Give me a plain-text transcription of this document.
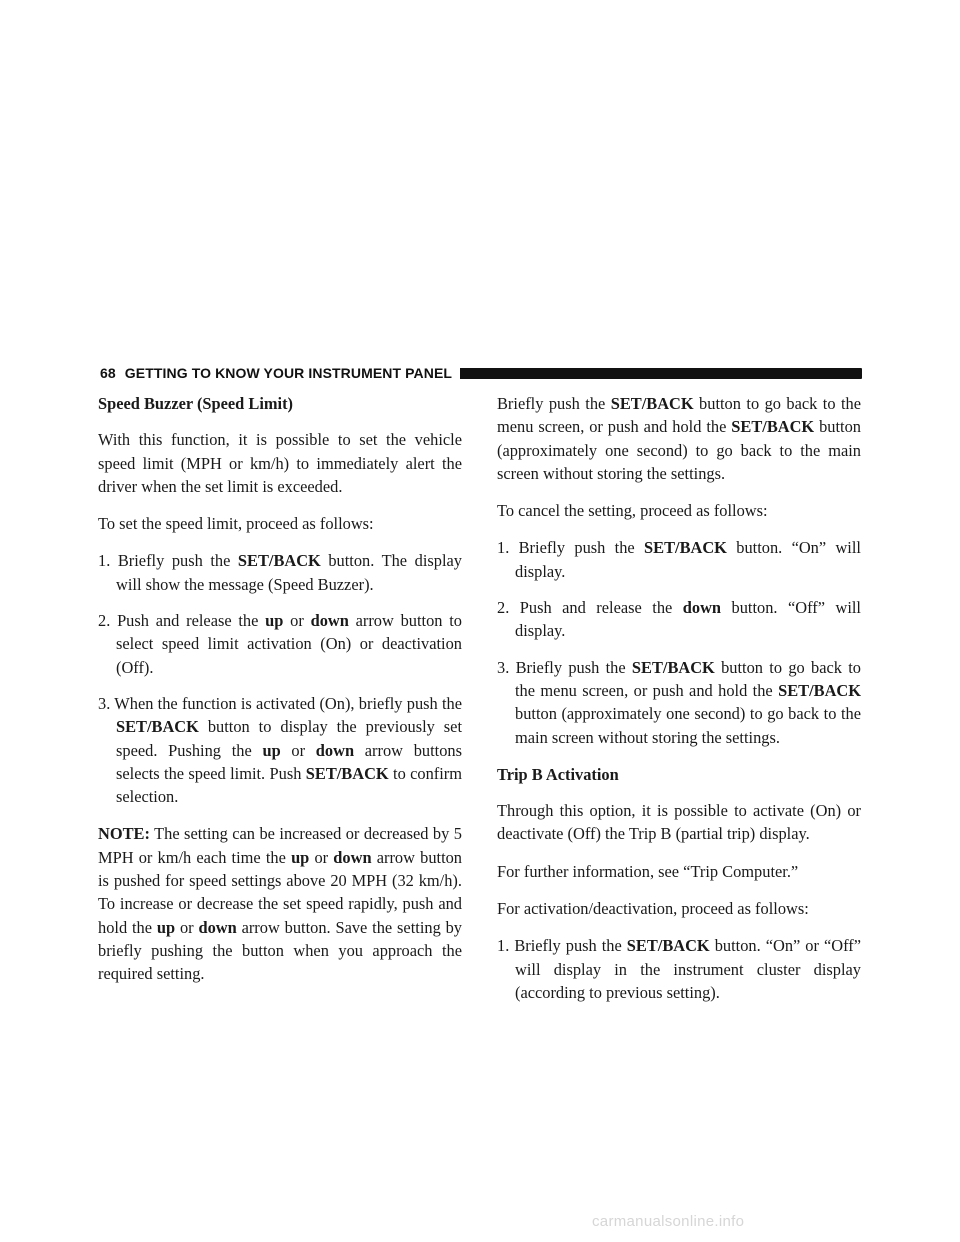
68 GETTING TO KNOW YOUR INSTRUMENT PANEL
Speed Buzzer (Speed Limit)

With this function, it is possible to set the vehicle speed limit (MPH or km/h) to immediately alert the driver when the set limit is exceeded.

To set the speed limit, proceed as follows:

1. Briefly push the SET/BACK button. The display will show the message (Speed Buzzer).
2. Push and release the up or down arrow button to select speed limit activation (On) or deactivation (Off).
3. When the function is activated (On), briefly push the SET/BACK button to display the previously set speed. Pushing the up or down arrow buttons selects the speed limit. Push SET/BACK to confirm selection.

NOTE: The setting can be increased or decreased by 5 MPH or km/h each time the up or down arrow button is pushed for speed settings above 20 MPH (32 km/h). To increase or decrease the set speed rapidly, push and hold the up or down arrow button. Save the setting by briefly pushing the button when you approach the required setting.

Briefly push the SET/BACK button to go back to the menu screen, or push and hold the SET/BACK button (approximately one second) to go back to the main screen without storing the settings.

To cancel the setting, proceed as follows:

1. Briefly push the SET/BACK button. “On” will display.
2. Push and release the down button. “Off” will display.
3. Briefly push the SET/BACK button to go back to the menu screen, or push and hold the SET/BACK button (approximately one second) to go back to the main screen without storing the settings.
Trip B Activation

Through this option, it is possible to activate (On) or deactivate (Off) the Trip B (partial trip) display.

For further information, see “Trip Computer.”

For activation/deactivation, proceed as follows:

1. Briefly push the SET/BACK button. “On” or “Off” will display in the instrument cluster display (according to previous setting).
carmanualsonline.info
